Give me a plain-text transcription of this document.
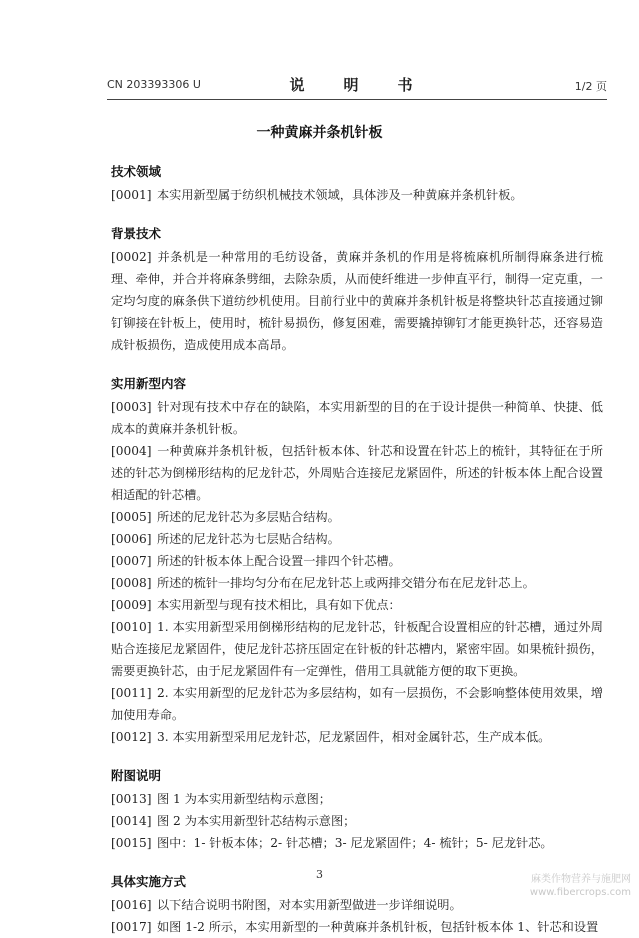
CN 203393306 U	说　明　书	1/2 页
一种黄麻并条机针板
技术领域
[0001] 本实用新型属于纺织机械技术领域，具体涉及一种黄麻并条机针板。
背景技术
[0002] 并条机是一种常用的毛纺设备，黄麻并条机的作用是将梳麻机所制得麻条进行梳理、牵伸，并合并将麻条劈细，去除杂质，从而使纤维进一步伸直平行，制得一定克重，一定均匀度的麻条供下道纺纱机使用。目前行业中的黄麻并条机针板是将整块针芯直接通过铆钉铆接在针板上，使用时，梳针易损伤，修复困难，需要撬掉铆钉才能更换针芯，还容易造成针板损伤，造成使用成本高昂。
实用新型内容
[0003] 针对现有技术中存在的缺陷，本实用新型的目的在于设计提供一种简单、快捷、低成本的黄麻并条机针板。
[0004] 一种黄麻并条机针板，包括针板本体、针芯和设置在针芯上的梳针，其特征在于所述的针芯为倒梯形结构的尼龙针芯，外周贴合连接尼龙紧固件，所述的针板本体上配合设置相适配的针芯槽。
[0005] 所述的尼龙针芯为多层贴合结构。
[0006] 所述的尼龙针芯为七层贴合结构。
[0007] 所述的针板本体上配合设置一排四个针芯槽。
[0008] 所述的梳针一排均匀分布在尼龙针芯上或两排交错分布在尼龙针芯上。
[0009] 本实用新型与现有技术相比，具有如下优点：
[0010] 1. 本实用新型采用倒梯形结构的尼龙针芯，针板配合设置相应的针芯槽，通过外周贴合连接尼龙紧固件，使尼龙针芯挤压固定在针板的针芯槽内，紧密牢固。如果梳针损伤，需要更换针芯，由于尼龙紧固件有一定弹性，借用工具就能方便的取下更换。
[0011] 2. 本实用新型的尼龙针芯为多层结构，如有一层损伤，不会影响整体使用效果，增加使用寿命。
[0012] 3. 本实用新型采用尼龙针芯，尼龙紧固件，相对金属针芯，生产成本低。
附图说明
[0013] 图 1 为本实用新型结构示意图；
[0014] 图 2 为本实用新型针芯结构示意图；
[0015] 图中：1- 针板本体；2- 针芯槽；3- 尼龙紧固件；4- 梳针；5- 尼龙针芯。
具体实施方式
[0016] 以下结合说明书附图，对本实用新型做进一步详细说明。
[0017] 如图 1-2 所示，本实用新型的一种黄麻并条机针板，包括针板本体 1、针芯和设置
3	麻类作物营养与施肥网
www.fibercrops.com
